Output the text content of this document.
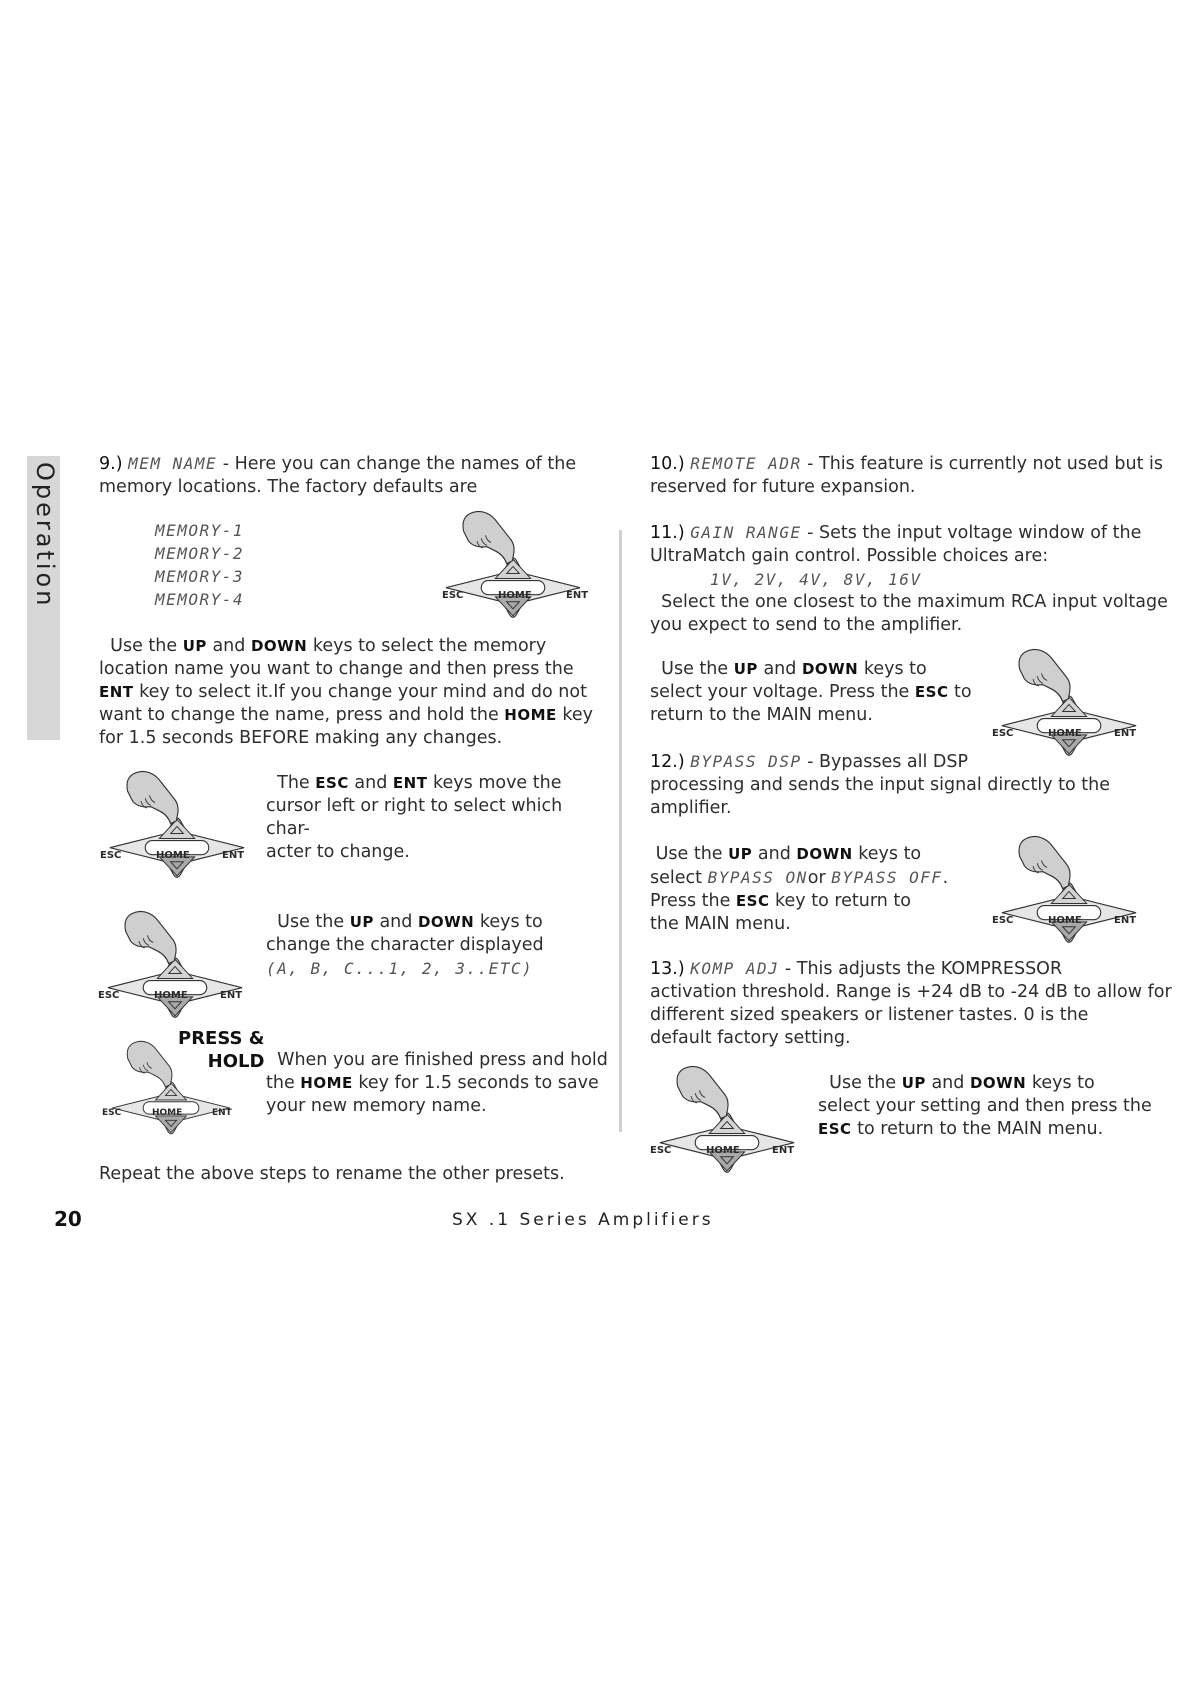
Operation 9.) MEM NAME - Here you can change the names of the
memory locations. The factory defaults are
MEMORY-1
MEMORY-2
MEMORY-3
MEMORY-4	ESC	HOME	ENT
Use the UP and DOWN keys to select the memory
location name you want to change and then press the
ENT key to select it.If you change your mind and do not
want to change the name, press and hold the HOME key
for 1.5 seconds BEFORE making any changes.
ESC	HOME	ENT
The ESC and ENT keys move the
cursor left or right to select which char-
acter to change.
ESC	HOME	ENT
Use the UP and DOWN keys to
change the character displayed
(A, B, C...1, 2, 3..ETC)
PRESS &
HOLD
ESC	HOME	ENT
When you are finished press and hold
the HOME key for 1.5 seconds to save
your new memory name.
Repeat the above steps to rename the other presets.
10.) REMOTE ADR - This feature is currently not used but is
reserved for future expansion.
11.) GAIN RANGE - Sets the input voltage window of the
UltraMatch gain control. Possible choices are:
1V, 2V, 4V, 8V, 16V
Select the one closest to the maximum RCA input voltage
you expect to send to the amplifier.
Use the UP and DOWN keys to
select your voltage. Press the ESC to
return to the MAIN menu.
ESC	HOME	ENT
12.) BYPASS DSP - Bypasses all DSP
processing and sends the input signal directly to the
amplifier.
Use the UP and DOWN keys to
select BYPASS ONor BYPASS OFF.
Press the ESC key to return to
the MAIN menu.	ESC	HOME	ENT
13.) KOMP ADJ - This adjusts the KOMPRESSOR
activation threshold. Range is +24 dB to -24 dB to allow for
different sized speakers or listener tastes. 0 is the
default factory setting.
ESC	HOME	ENT
Use the UP and DOWN keys to
select your setting and then press the
ESC to return to the MAIN menu.
20	SX .1 Series Amplifiers
